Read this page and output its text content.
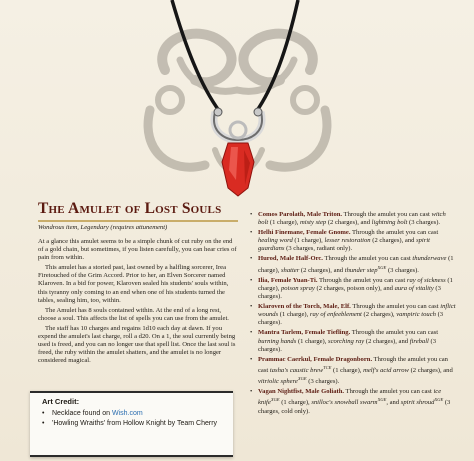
The Amulet of Lost Souls
Wondrous item, Legendary (requires attunement)

At a glance this amulet seems to be a simple chunk of cut ruby on the end of a gold chain, but sometimes, if you listen carefully, you can hear cries of pain from within.

This amulet has a storied past, last owned by a halfling sorcerer, Irea Firetouched of the Grim Accord. Prior to her, an Elven Sorcerer named Klaroven. In a bid for power, Klaroven sealed his students' souls within, this tyranny only coming to an end when one of his students turned the tables, sealing him, too, within.

The Amulet has 8 souls contained within. At the end of a long rest, choose a soul. This affects the list of spells you can use from the amulet.

The staff has 10 charges and regains 1d10 each day at dawn. If you expend the amulet's last charge, roll a d20. On a 1, the soul currently being used is freed, and you can no longer use that spell list. Once the last soul is freed, the ruby within the amulet shatters, and the amulet is no longer considered magical.

• Comos Parolath, Male Triton. Through the amulet you can cast witch bolt (1 charge), misty step (2 charges), and lightning bolt (3 charges).
• Helhi Finemane, Female Gnome. Through the amulet you can cast healing word (1 charge), lesser restoration (2 charges), and spirit guardians (3 charges, radiant only).
• Hurod, Male Half-Orc. Through the amulet you can cast thunderwave (1 charge), shatter (2 charges), and thunder step$^{XGE}$ (3 charges).
• Ilia, Female Yuan-Ti. Through the amulet you can cast ray of sickness (1 charge), poison spray (2 charges, poison only), and aura of vitality (3 charges).
• Klaroven of the Torch, Male, Elf. Through the amulet you can cast inflict wounds (1 charge), ray of enfeeblement (2 charges), vampiric touch (3 charges).
• Mantra Tarlem, Female Tiefling. Through the amulet you can cast burning hands (1 charge), scorching ray (2 charges), and fireball (3 charges).
• Prammac Caerkul, Female Dragonborn. Through the amulet you can cast tasha's caustic brew$^{TCE}$ (1 charge), melf's acid arrow (2 charges), and vitriolic sphere$^{XGE}$ (3 charges).
• Vagan Nightfist, Male Goliath. Through the amulet you can cast ice knife$^{XGE}$ (1 charge), snilloc's snowball swarm$^{XGE}$, and spirit shroud$^{XGE}$ (3 charges, cold only).
Art Credit:
• Necklace found on Wish.com
• 'Howling Wraiths' from Hollow Knight by Team Cherry
